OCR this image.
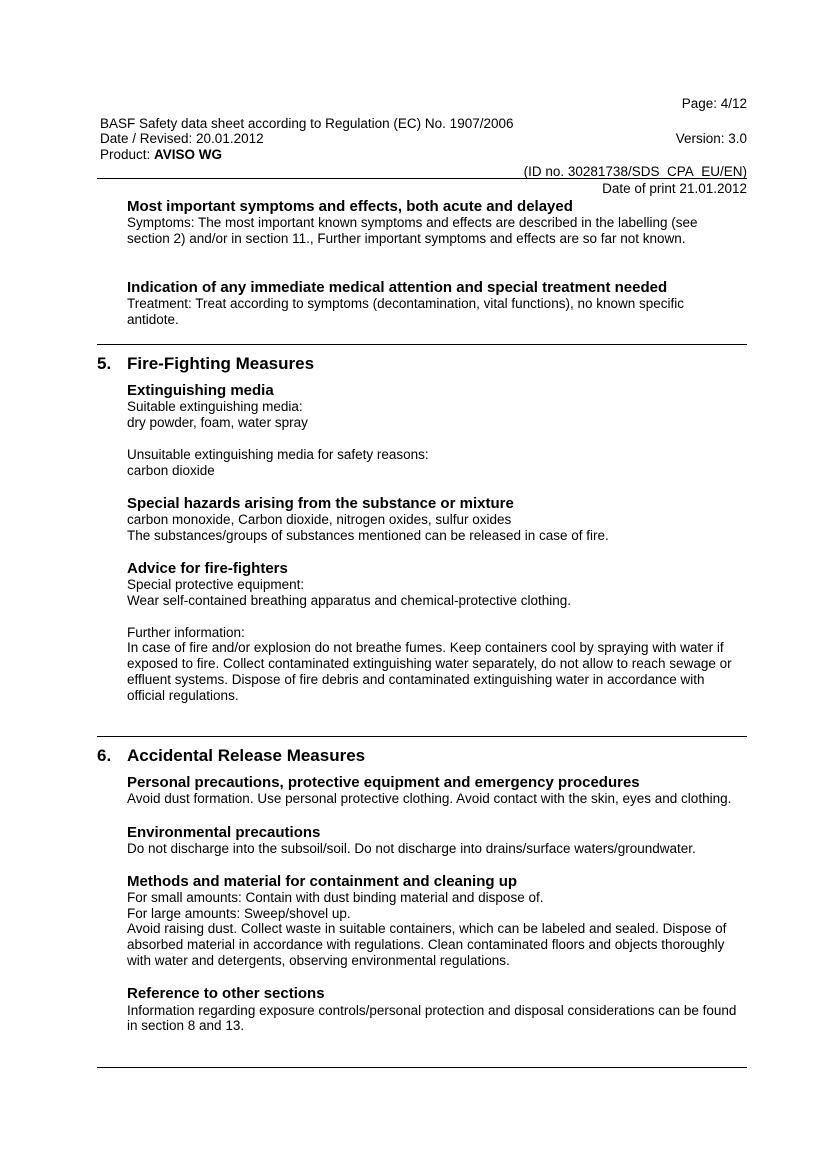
Page: 4/12
BASF Safety data sheet according to Regulation (EC) No. 1907/2006
Date / Revised: 20.01.2012	Version: 3.0
Product: AVISO WG
(ID no. 30281738/SDS_CPA_EU/EN)
Date of print 21.01.2012
Most important symptoms and effects, both acute and delayed
Symptoms: The most important known symptoms and effects are described in the labelling (see
section 2) and/or in section 11., Further important symptoms and effects are so far not known.
Indication of any immediate medical attention and special treatment needed
Treatment: Treat according to symptoms (decontamination, vital functions), no known specific
antidote.
5. Fire-Fighting Measures
Extinguishing media
Suitable extinguishing media:
dry powder, foam, water spray
Unsuitable extinguishing media for safety reasons:
carbon dioxide
Special hazards arising from the substance or mixture
carbon monoxide, Carbon dioxide, nitrogen oxides, sulfur oxides
The substances/groups of substances mentioned can be released in case of fire.
Advice for fire-fighters
Special protective equipment:
Wear self-contained breathing apparatus and chemical-protective clothing.
Further information:
In case of fire and/or explosion do not breathe fumes. Keep containers cool by spraying with water if
exposed to fire. Collect contaminated extinguishing water separately, do not allow to reach sewage or
effluent systems. Dispose of fire debris and contaminated extinguishing water in accordance with
official regulations.
6. Accidental Release Measures
Personal precautions, protective equipment and emergency procedures
Avoid dust formation. Use personal protective clothing. Avoid contact with the skin, eyes and clothing.
Environmental precautions
Do not discharge into the subsoil/soil. Do not discharge into drains/surface waters/groundwater.
Methods and material for containment and cleaning up
For small amounts: Contain with dust binding material and dispose of.
For large amounts: Sweep/shovel up.
Avoid raising dust. Collect waste in suitable containers, which can be labeled and sealed. Dispose of
absorbed material in accordance with regulations. Clean contaminated floors and objects thoroughly
with water and detergents, observing environmental regulations.
Reference to other sections
Information regarding exposure controls/personal protection and disposal considerations can be found
in section 8 and 13.
